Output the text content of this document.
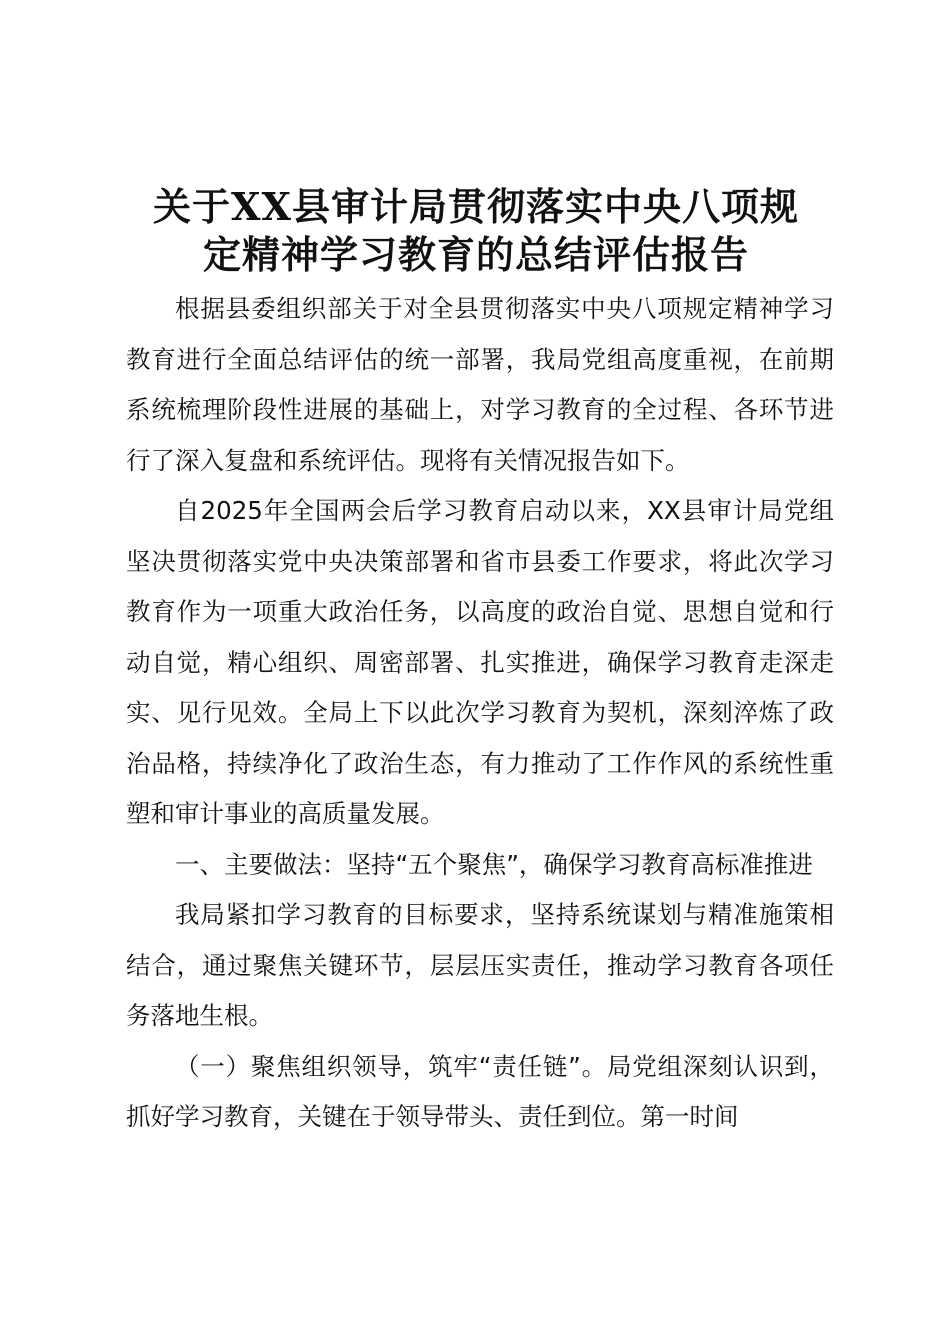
关于XX县审计局贯彻落实中央八项规
定精神学习教育的总结评估报告

根据县委组织部关于对全县贯彻落实中央八项规定精神学习教育进行全面总结评估的统一部署，我局党组高度重视，在前期系统梳理阶段性进展的基础上，对学习教育的全过程、各环节进行了深入复盘和系统评估。现将有关情况报告如下。

自2025年全国两会后学习教育启动以来，XX县审计局党组坚决贯彻落实党中央决策部署和省市县委工作要求，将此次学习教育作为一项重大政治任务，以高度的政治自觉、思想自觉和行动自觉，精心组织、周密部署、扎实推进，确保学习教育走深走实、见行见效。全局上下以此次学习教育为契机，深刻淬炼了政治品格，持续净化了政治生态，有力推动了工作作风的系统性重塑和审计事业的高质量发展。

一、主要做法：坚持“五个聚焦”，确保学习教育高标准推进

我局紧扣学习教育的目标要求，坚持系统谋划与精准施策相结合，通过聚焦关键环节，层层压实责任，推动学习教育各项任务落地生根。

（一）聚焦组织领导，筑牢“责任链”。局党组深刻认识到，抓好学习教育，关键在于领导带头、责任到位。第一时间
